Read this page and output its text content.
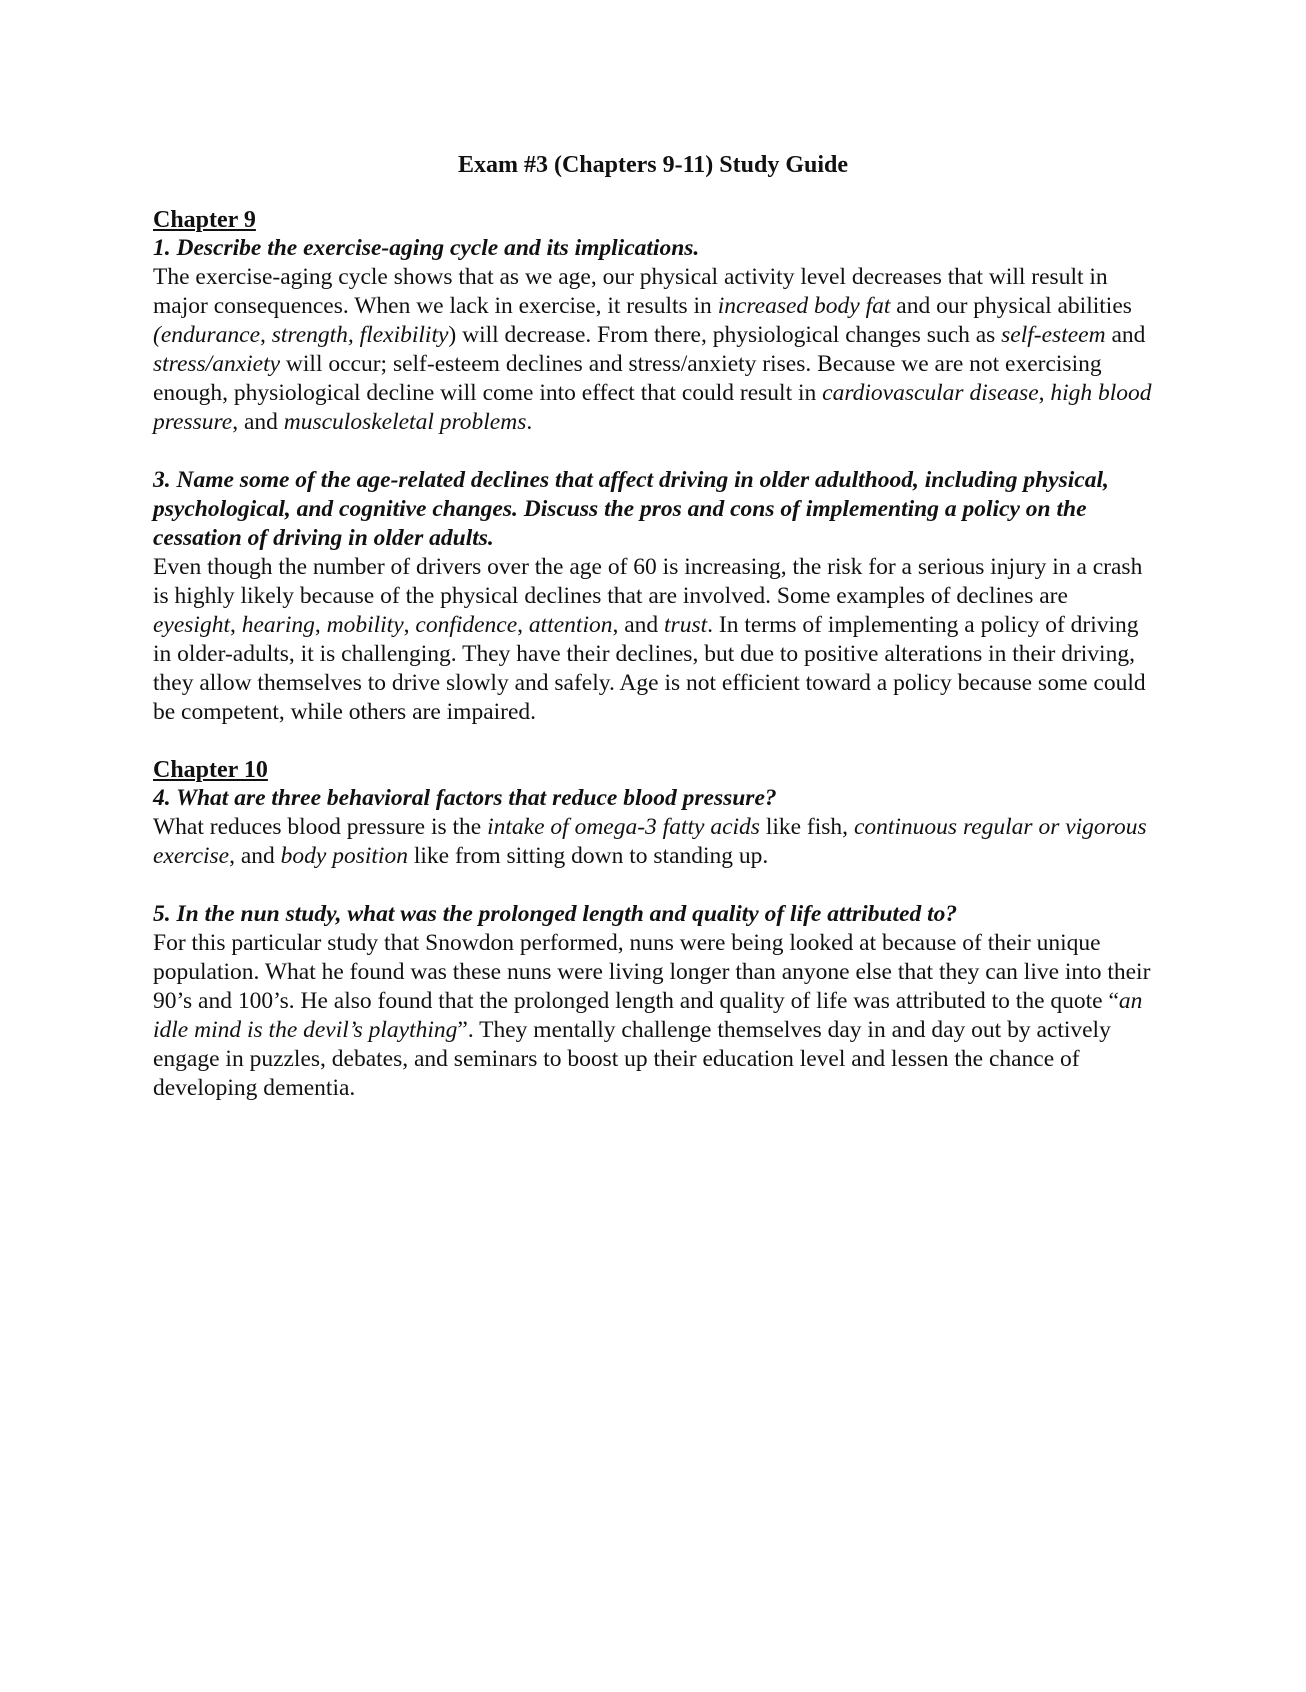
Exam #3 (Chapters 9-11) Study Guide

Chapter 9

1. Describe the exercise-aging cycle and its implications.

The exercise-aging cycle shows that as we age, our physical activity level decreases that will result in major consequences. When we lack in exercise, it results in increased body fat and our physical abilities (endurance, strength, flexibility) will decrease. From there, physiological changes such as self-esteem and stress/anxiety will occur; self-esteem declines and stress/anxiety rises. Because we are not exercising enough, physiological decline will come into effect that could result in cardiovascular disease, high blood pressure, and musculoskeletal problems.

3. Name some of the age-related declines that affect driving in older adulthood, including physical, psychological, and cognitive changes. Discuss the pros and cons of implementing a policy on the cessation of driving in older adults.

Even though the number of drivers over the age of 60 is increasing, the risk for a serious injury in a crash is highly likely because of the physical declines that are involved. Some examples of declines are eyesight, hearing, mobility, confidence, attention, and trust. In terms of implementing a policy of driving in older-adults, it is challenging. They have their declines, but due to positive alterations in their driving, they allow themselves to drive slowly and safely. Age is not efficient toward a policy because some could be competent, while others are impaired.

Chapter 10

4. What are three behavioral factors that reduce blood pressure?

What reduces blood pressure is the intake of omega-3 fatty acids like fish, continuous regular or vigorous exercise, and body position like from sitting down to standing up.

5. In the nun study, what was the prolonged length and quality of life attributed to?

For this particular study that Snowdon performed, nuns were being looked at because of their unique population. What he found was these nuns were living longer than anyone else that they can live into their 90’s and 100’s. He also found that the prolonged length and quality of life was attributed to the quote “an idle mind is the devil’s plaything”. They mentally challenge themselves day in and day out by actively engage in puzzles, debates, and seminars to boost up their education level and lessen the chance of developing dementia.
